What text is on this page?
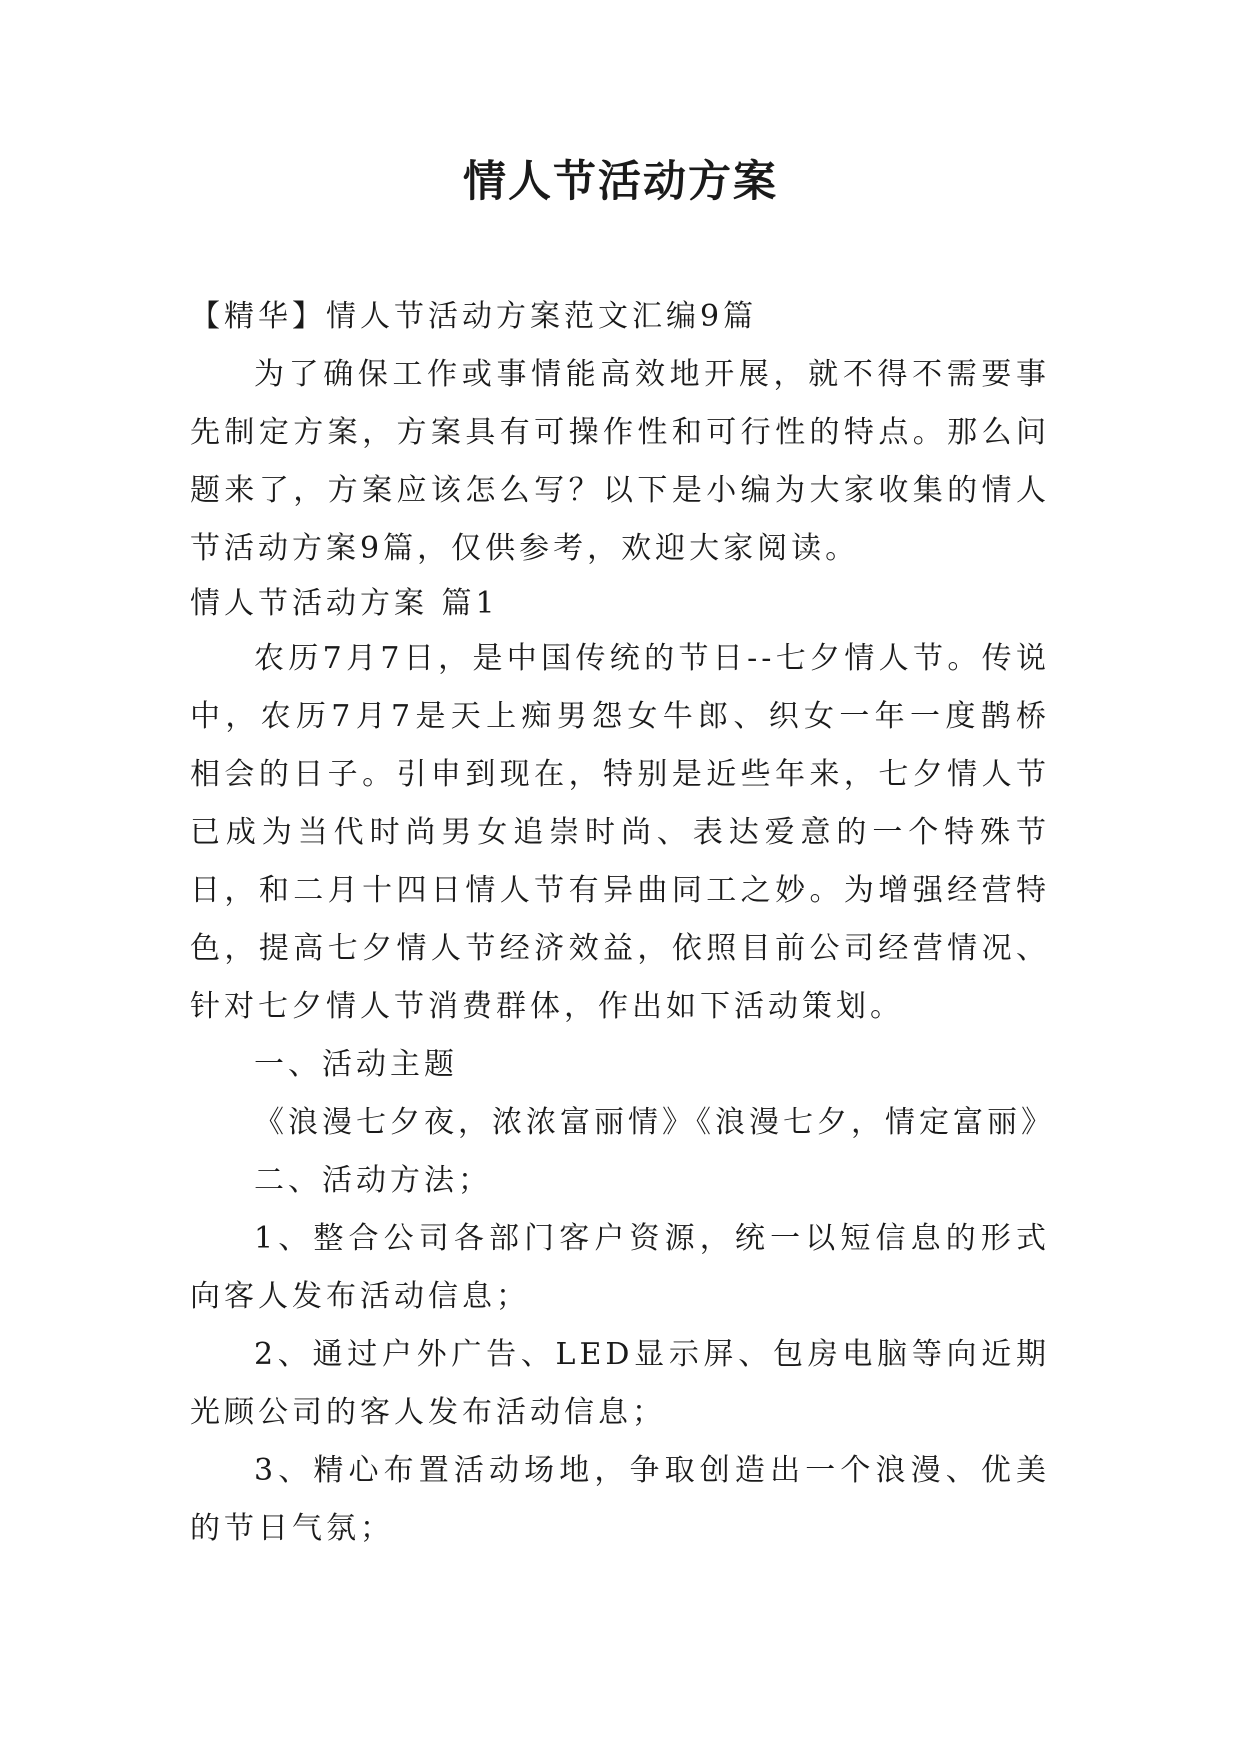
情人节活动方案

【精华】情人节活动方案范文汇编9篇

为了确保工作或事情能高效地开展，就不得不需要事先制定方案，方案具有可操作性和可行性的特点。那么问题来了，方案应该怎么写？以下是小编为大家收集的情人节活动方案9篇，仅供参考，欢迎大家阅读。

情人节活动方案 篇1

农历7月7日，是中国传统的节日--七夕情人节。传说中，农历7月7是天上痴男怨女牛郎、织女一年一度鹊桥相会的日子。引申到现在，特别是近些年来，七夕情人节已成为当代时尚男女追崇时尚、表达爱意的一个特殊节日，和二月十四日情人节有异曲同工之妙。为增强经营特色，提高七夕情人节经济效益，依照目前公司经营情况、针对七夕情人节消费群体，作出如下活动策划。

一、活动主题

《浪漫七夕夜，浓浓富丽情》《浪漫七夕，情定富丽》

二、活动方法；

1、整合公司各部门客户资源，统一以短信息的形式向客人发布活动信息；

2、通过户外广告、LED显示屏、包房电脑等向近期光顾公司的客人发布活动信息；

3、精心布置活动场地，争取创造出一个浪漫、优美的节日气氛；
